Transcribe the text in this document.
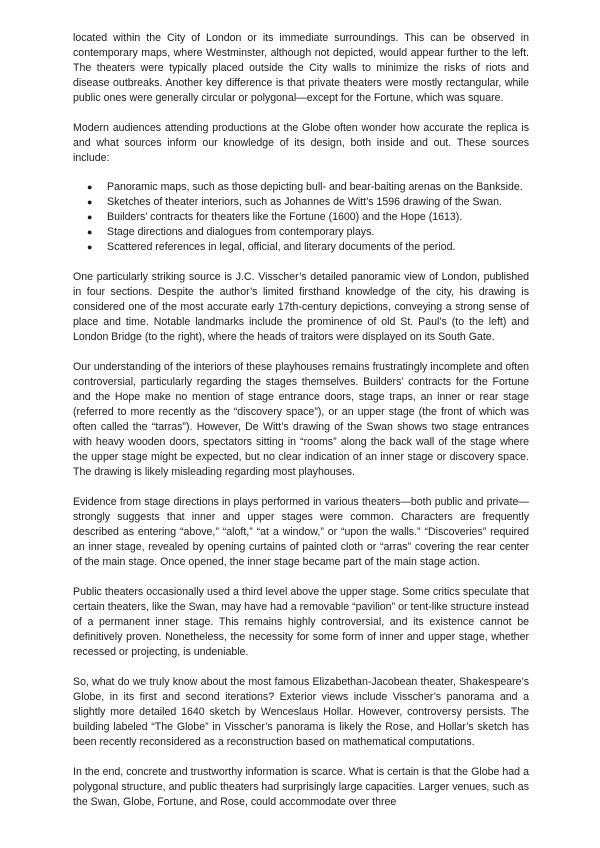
located within the City of London or its immediate surroundings. This can be observed in contemporary maps, where Westminster, although not depicted, would appear further to the left. The theaters were typically placed outside the City walls to minimize the risks of riots and disease outbreaks. Another key difference is that private theaters were mostly rectangular, while public ones were generally circular or polygonal—except for the Fortune, which was square.

Modern audiences attending productions at the Globe often wonder how accurate the replica is and what sources inform our knowledge of its design, both inside and out. These sources include:

● Panoramic maps, such as those depicting bull- and bear-baiting arenas on the Bankside.
● Sketches of theater interiors, such as Johannes de Witt’s 1596 drawing of the Swan.
● Builders’ contracts for theaters like the Fortune (1600) and the Hope (1613).
● Stage directions and dialogues from contemporary plays.
● Scattered references in legal, official, and literary documents of the period.

One particularly striking source is J.C. Visscher’s detailed panoramic view of London, published in four sections. Despite the author’s limited firsthand knowledge of the city, his drawing is considered one of the most accurate early 17th-century depictions, conveying a strong sense of place and time. Notable landmarks include the prominence of old St. Paul’s (to the left) and London Bridge (to the right), where the heads of traitors were displayed on its South Gate.

Our understanding of the interiors of these playhouses remains frustratingly incomplete and often controversial, particularly regarding the stages themselves. Builders’ contracts for the Fortune and the Hope make no mention of stage entrance doors, stage traps, an inner or rear stage (referred to more recently as the “discovery space”), or an upper stage (the front of which was often called the “tarras”). However, De Witt’s drawing of the Swan shows two stage entrances with heavy wooden doors, spectators sitting in “rooms” along the back wall of the stage where the upper stage might be expected, but no clear indication of an inner stage or discovery space. The drawing is likely misleading regarding most playhouses.

Evidence from stage directions in plays performed in various theaters—both public and private—strongly suggests that inner and upper stages were common. Characters are frequently described as entering “above,” “aloft,” “at a window,” or “upon the walls.” “Discoveries” required an inner stage, revealed by opening curtains of painted cloth or “arras” covering the rear center of the main stage. Once opened, the inner stage became part of the main stage action.

Public theaters occasionally used a third level above the upper stage. Some critics speculate that certain theaters, like the Swan, may have had a removable “pavilion” or tent-like structure instead of a permanent inner stage. This remains highly controversial, and its existence cannot be definitively proven. Nonetheless, the necessity for some form of inner and upper stage, whether recessed or projecting, is undeniable.

So, what do we truly know about the most famous Elizabethan-Jacobean theater, Shakespeare’s Globe, in its first and second iterations? Exterior views include Visscher’s panorama and a slightly more detailed 1640 sketch by Wenceslaus Hollar. However, controversy persists. The building labeled “The Globe” in Visscher’s panorama is likely the Rose, and Hollar’s sketch has been recently reconsidered as a reconstruction based on mathematical computations.

In the end, concrete and trustworthy information is scarce. What is certain is that the Globe had a polygonal structure, and public theaters had surprisingly large capacities. Larger venues, such as the Swan, Globe, Fortune, and Rose, could accommodate over three
